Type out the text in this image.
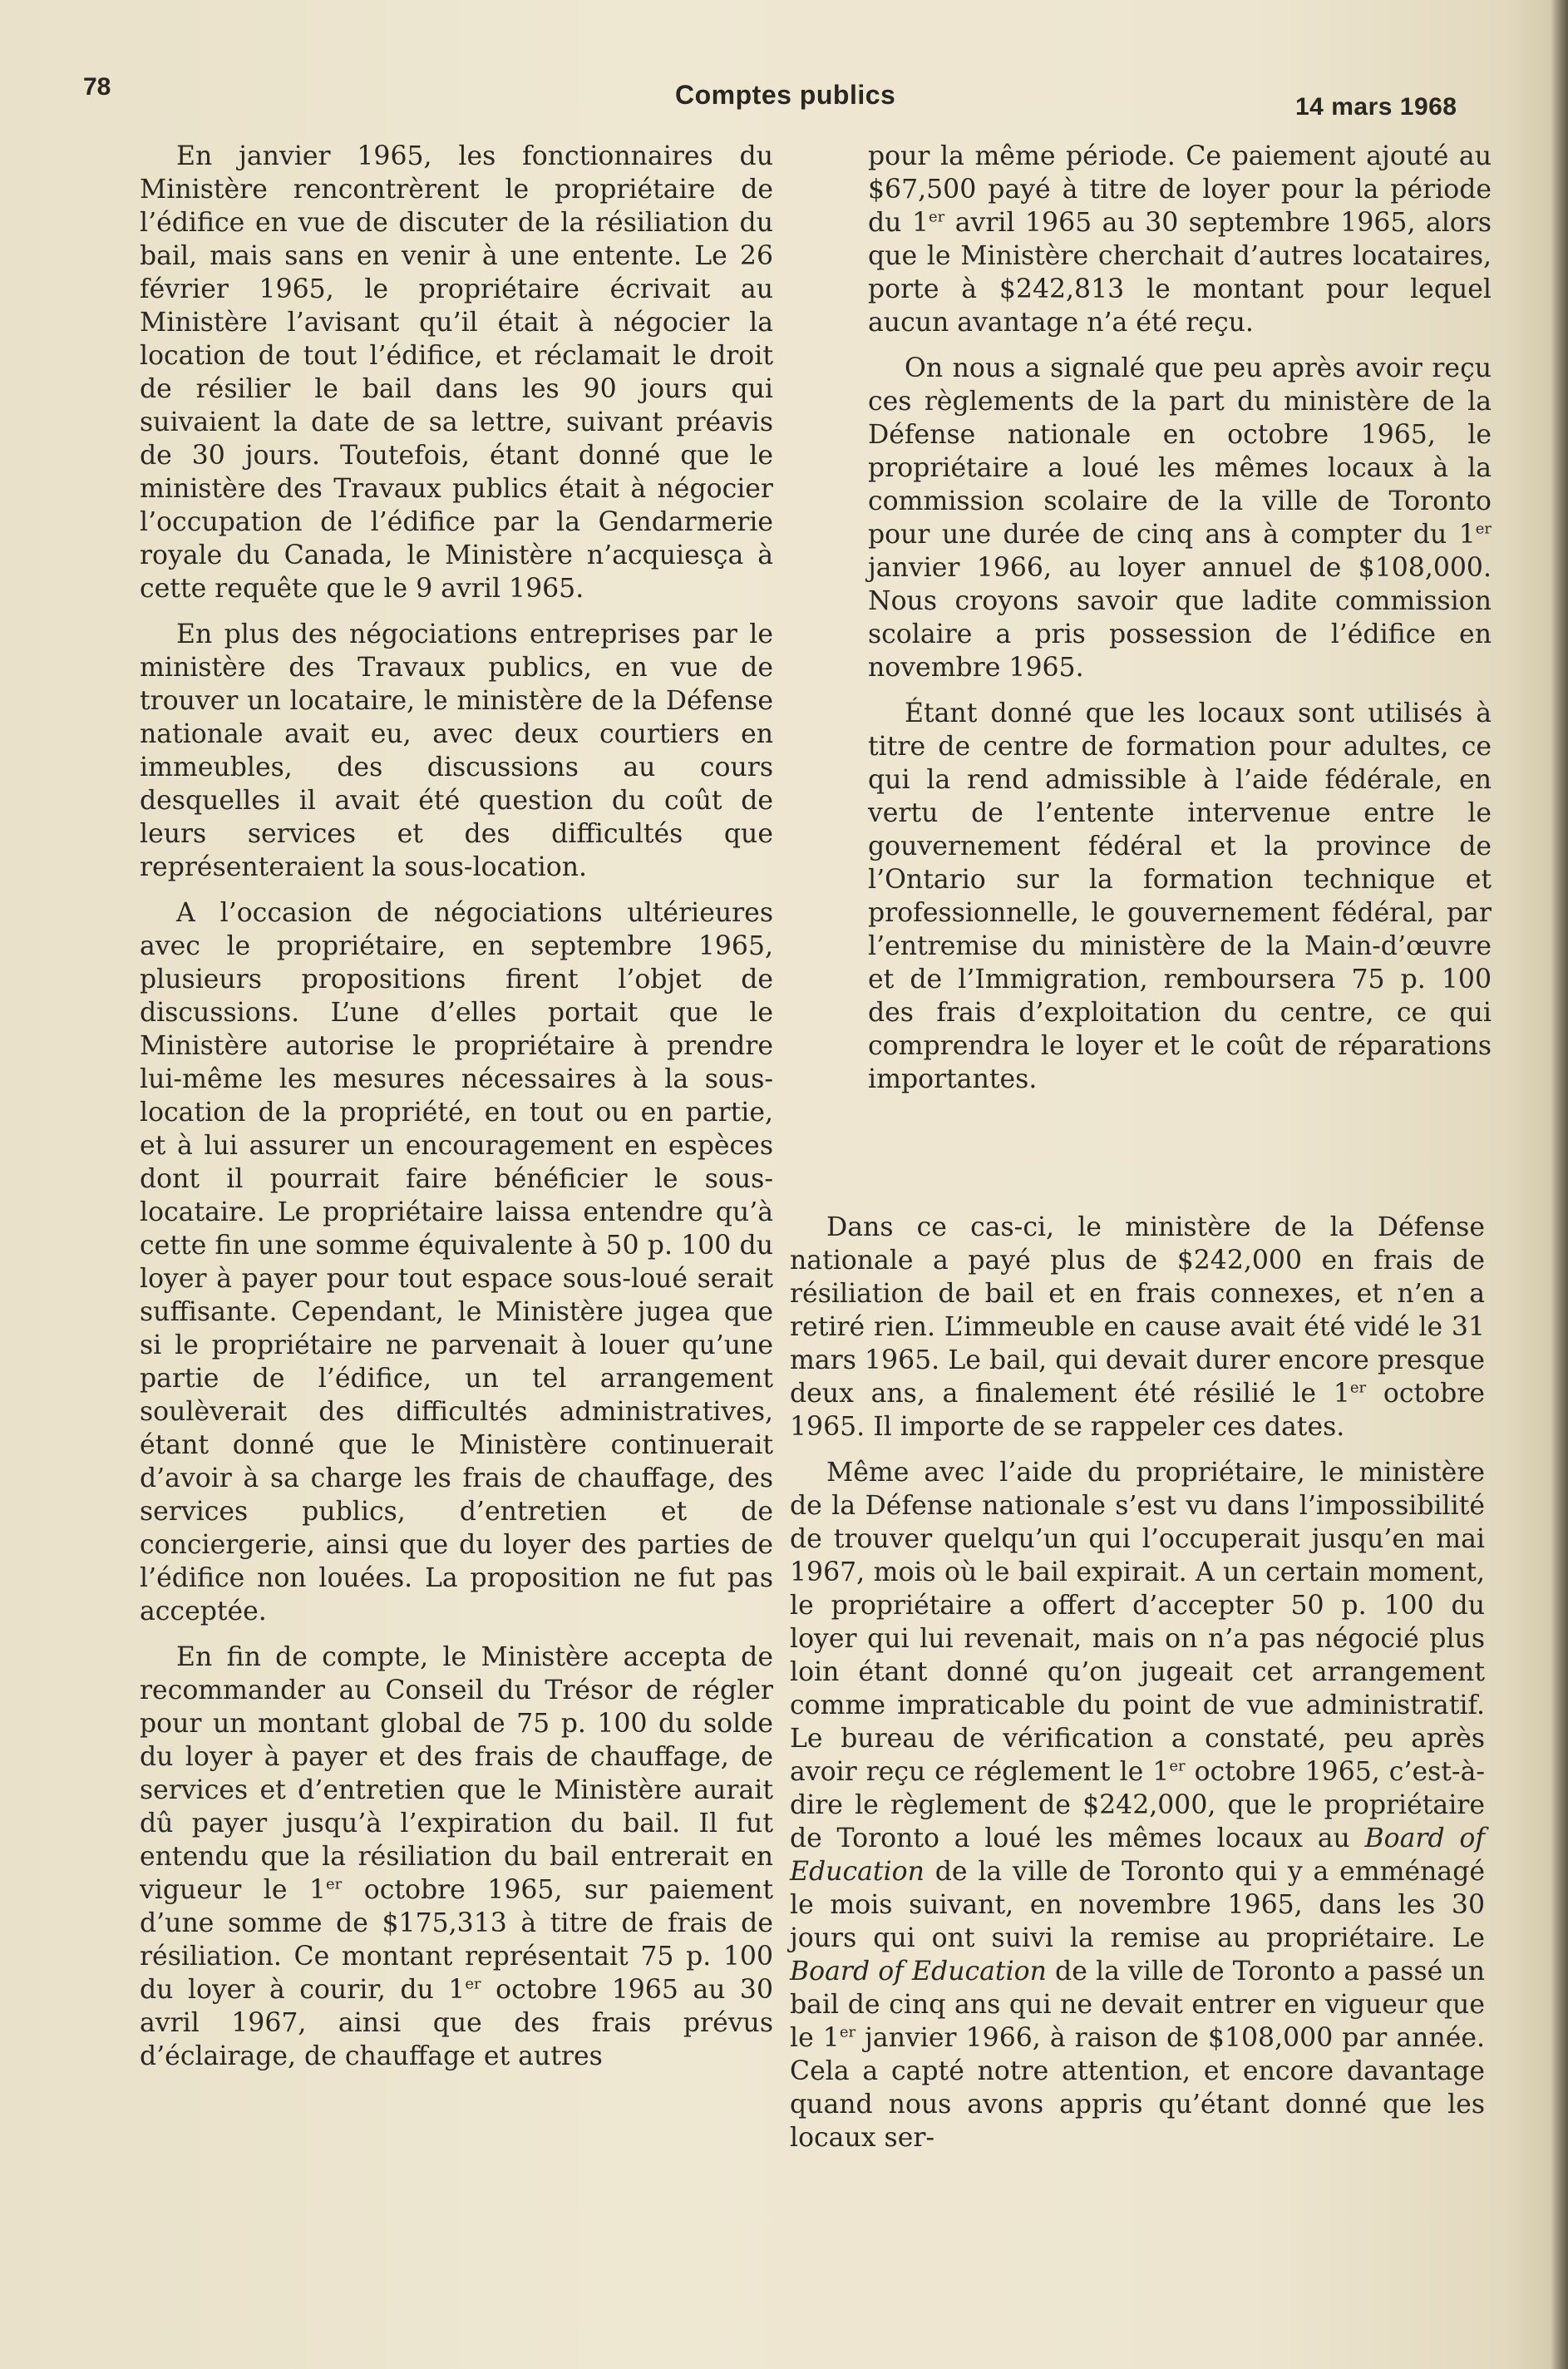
78	Comptes publics	14 mars 1968

En janvier 1965, les fonctionnaires du Ministère rencontrèrent le propriétaire de l’édifice en vue de discuter de la résiliation du bail, mais sans en venir à une entente. Le 26 février 1965, le propriétaire écrivait au Ministère l’avisant qu’il était à négocier la location de tout l’édifice, et réclamait le droit de résilier le bail dans les 90 jours qui suivaient la date de sa lettre, suivant préavis de 30 jours. Toutefois, étant donné que le ministère des Travaux publics était à négocier l’occupation de l’édifice par la Gendarmerie royale du Canada, le Ministère n’acquiesça à cette requête que le 9 avril 1965.

En plus des négociations entreprises par le ministère des Travaux publics, en vue de trouver un locataire, le ministère de la Défense nationale avait eu, avec deux courtiers en immeubles, des discussions au cours desquelles il avait été question du coût de leurs services et des difficultés que représenteraient la sous-location.

A l’occasion de négociations ultérieures avec le propriétaire, en septembre 1965, plusieurs propositions firent l’objet de discussions. L’une d’elles portait que le Ministère autorise le propriétaire à prendre lui-même les mesures nécessaires à la sous-location de la propriété, en tout ou en partie, et à lui assurer un encouragement en espèces dont il pourrait faire bénéficier le sous-locataire. Le propriétaire laissa entendre qu’à cette fin une somme équivalente à 50 p. 100 du loyer à payer pour tout espace sous-loué serait suffisante. Cependant, le Ministère jugea que si le propriétaire ne parvenait à louer qu’une partie de l’édifice, un tel arrangement soulèverait des difficultés administratives, étant donné que le Ministère continuerait d’avoir à sa charge les frais de chauffage, des services publics, d’entretien et de conciergerie, ainsi que du loyer des parties de l’édifice non louées. La proposition ne fut pas acceptée.

En fin de compte, le Ministère accepta de recommander au Conseil du Trésor de régler pour un montant global de 75 p. 100 du solde du loyer à payer et des frais de chauffage, de services et d’entretien que le Ministère aurait dû payer jusqu’à l’expiration du bail. Il fut entendu que la résiliation du bail entrerait en vigueur le 1er octobre 1965, sur paiement d’une somme de $175,313 à titre de frais de résiliation. Ce montant représentait 75 p. 100 du loyer à courir, du 1er octobre 1965 au 30 avril 1967, ainsi que des frais prévus d’éclairage, de chauffage et autres

pour la même période. Ce paiement ajouté au $67,500 payé à titre de loyer pour la période du 1er avril 1965 au 30 septembre 1965, alors que le Ministère cherchait d’autres locataires, porte à $242,813 le montant pour lequel aucun avantage n’a été reçu.

On nous a signalé que peu après avoir reçu ces règlements de la part du ministère de la Défense nationale en octobre 1965, le propriétaire a loué les mêmes locaux à la commission scolaire de la ville de Toronto pour une durée de cinq ans à compter du 1er janvier 1966, au loyer annuel de $108,000. Nous croyons savoir que ladite commission scolaire a pris possession de l’édifice en novembre 1965.

Étant donné que les locaux sont utilisés à titre de centre de formation pour adultes, ce qui la rend admissible à l’aide fédérale, en vertu de l’entente intervenue entre le gouvernement fédéral et la province de l’Ontario sur la formation technique et professionnelle, le gouvernement fédéral, par l’entremise du ministère de la Main-d’œuvre et de l’Immigration, remboursera 75 p. 100 des frais d’exploitation du centre, ce qui comprendra le loyer et le coût de réparations importantes.

Dans ce cas-ci, le ministère de la Défense nationale a payé plus de $242,000 en frais de résiliation de bail et en frais connexes, et n’en a retiré rien. L’immeuble en cause avait été vidé le 31 mars 1965. Le bail, qui devait durer encore presque deux ans, a finalement été résilié le 1er octobre 1965. Il importe de se rappeler ces dates.

Même avec l’aide du propriétaire, le ministère de la Défense nationale s’est vu dans l’impossibilité de trouver quelqu’un qui l’occuperait jusqu’en mai 1967, mois où le bail expirait. A un certain moment, le propriétaire a offert d’accepter 50 p. 100 du loyer qui lui revenait, mais on n’a pas négocié plus loin étant donné qu’on jugeait cet arrangement comme impraticable du point de vue administratif. Le bureau de vérification a constaté, peu après avoir reçu ce réglement le 1er octobre 1965, c’est-à-dire le règlement de $242,000, que le propriétaire de Toronto a loué les mêmes locaux au Board of Education de la ville de Toronto qui y a emménagé le mois suivant, en novembre 1965, dans les 30 jours qui ont suivi la remise au propriétaire. Le Board of Education de la ville de Toronto a passé un bail de cinq ans qui ne devait entrer en vigueur que le 1er janvier 1966, à raison de $108,000 par année. Cela a capté notre attention, et encore davantage quand nous avons appris qu’étant donné que les locaux ser-
